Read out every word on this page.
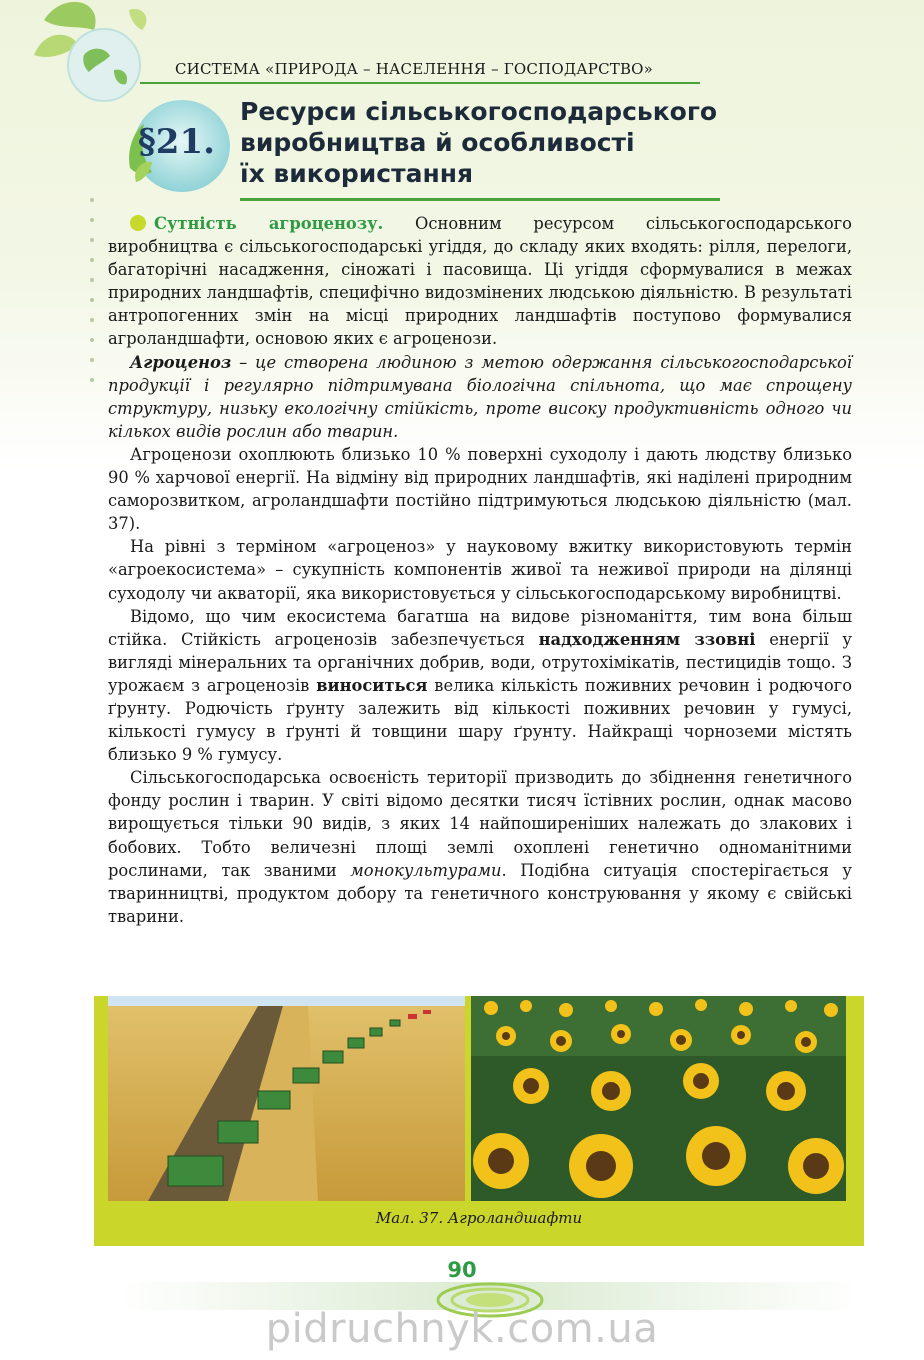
СИСТЕМА «ПРИРОДА – НАСЕЛЕННЯ – ГОСПОДАРСТВО»
§21.
Ресурси сільськогосподарського
виробництва й особливості
їх використання

Сутність агроценозу. Основним ресурсом сільськогосподарського виробництва є сільськогосподарські угіддя, до складу яких входять: рілля, перелоги, багаторічні насадження, сіножаті і пасовища. Ці угіддя сформувалися в межах природних ландшафтів, специфічно видозмінених людською діяльністю. В результаті антропогенних змін на місці природних ландшафтів поступово формувалися агроландшафти, основою яких є агроценози.

Агроценоз – це створена людиною з метою одержання сільськогосподарської продукції і регулярно підтримувана біологічна спільнота, що має спрощену структуру, низьку екологічну стійкість, проте високу продуктивність одного чи кількох видів рослин або тварин.

Агроценози охоплюють близько 10 % поверхні суходолу і дають людству близько 90 % харчової енергії. На відміну від природних ландшафтів, які наділені природним саморозвитком, агроландшафти постійно підтримуються людською діяльністю (мал. 37).

На рівні з терміном «агроценоз» у науковому вжитку використовують термін «агроекосистема» – сукупність компонентів живої та неживої природи на ділянці суходолу чи акваторії, яка використовується у сільськогосподарському виробництві.

Відомо, що чим екосистема багатша на видове різноманіття, тим вона більш стійка. Стійкість агроценозів забезпечується надходженням ззовні енергії у вигляді мінеральних та органічних добрив, води, отрутохімікатів, пестицидів тощо. З урожаєм з агроценозів виноситься велика кількість поживних речовин і родючого ґрунту. Родючість ґрунту залежить від кількості поживних речовин у гумусі, кількості гумусу в ґрунті й товщини шару ґрунту. Найкращі чорноземи містять близько 9 % гумусу.

Сільськогосподарська освоєність території призводить до збіднення генетичного фонду рослин і тварин. У світі відомо десятки тисяч їстівних рослин, однак масово вирощується тільки 90 видів, з яких 14 найпоширеніших належать до злакових і бобових. Тобто величезні площі землі охоплені генетично одноманітними рослинами, так званими монокультурами. Подібна ситуація спостерігається у тваринництві, продуктом добору та генетичного конструювання у якому є свійські тварини.

Мал. 37. Агроландшафти
90
pidruchnyk.com.ua
